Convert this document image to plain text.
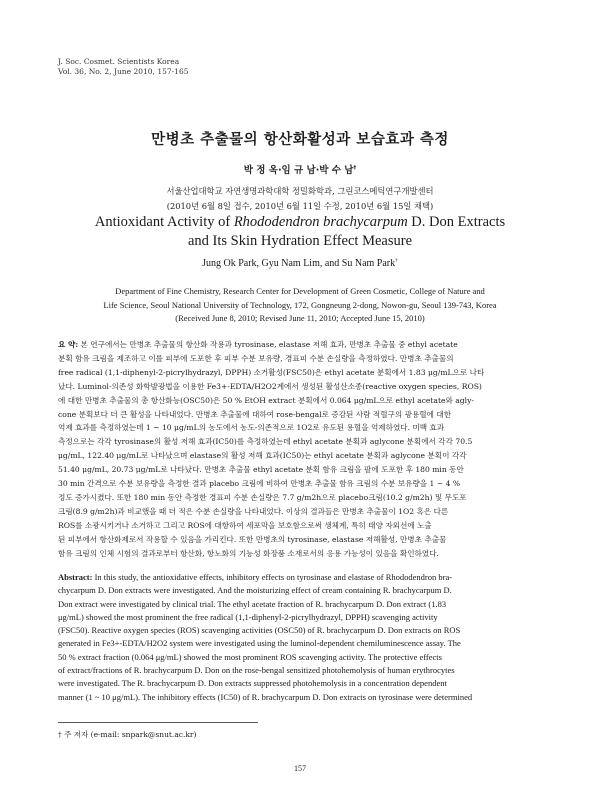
J. Soc. Cosmet. Scientists Korea
Vol. 36, No. 2, June 2010, 157-165
만병초 추출물의 항산화활성과 보습효과 측정
박 정 옥·임 규 남·박 수 남†
서울산업대학교 자연생명과학대학 정밀화학과, 그린코스메틱연구개발센터
(2010년 6월 8일 접수, 2010년 6월 11일 수정, 2010년 6월 15일 채택)
Antioxidant Activity of Rhododendron brachycarpum D. Don Extracts
and Its Skin Hydration Effect Measure
Jung Ok Park, Gyu Nam Lim, and Su Nam Park†
Department of Fine Chemistry, Research Center for Development of Green Cosmetic, College of Nature and
Life Science, Seoul National University of Technology, 172, Gongneung 2-dong, Nowon-gu, Seoul 139-743, Korea
(Received June 8, 2010; Revised June 11, 2010; Accepted June 15, 2010)
요 약: 본 연구에서는 만병초 추출물의 항산화 작용과 tyrosinase, elastase 저해 효과, 만병초 추출물 중 ethyl acetate
분획 함유 크림을 제조하고 이를 피부에 도포한 후 피부 수분 보유량, 경표피 수분 손실량을 측정하였다. 만병초 추출물의
free radical (1,1-diphenyl-2-picrylhydrazyl, DPPH) 소거활성(FSC50)은 ethyl acetate 분획에서 1.83 μg/mL으로 나타
났다. Luminol-의존성 화학발광법을 이용한 Fe3+-EDTA/H2O2계에서 생성된 활성산소종(reactive oxygen species, ROS)
에 대한 만병초 추출물의 총 항산화능(OSC50)은 50 % EtOH extract 분획에서 0.064 μg/mL으로 ethyl acetate와 agly-
cone 분획보다 더 큰 활성을 나타내었다. 만병초 추출물에 대하여 rose-bengal로 증감된 사람 적혈구의 광용혈에 대한
억제 효과를 측정하였는데 1 ~ 10 μg/mL의 농도에서 농도-의존적으로 1O2로 유도된 용혈을 억제하였다. 미백 효과
측정으로는 각각 tyrosinase의 활성 저해 효과(IC50)를 측정하였는데 ethyl acetate 분획과 aglycone 분획에서 각각 70.5
μg/mL, 122.40 μg/mL로 나타났으며 elastase의 활성 저해 효과(IC50)는 ethyl acetate 분획과 aglycone 분획이 각각
51.40 μg/mL, 20.73 μg/mL로 나타났다. 만병초 추출물 ethyl acetate 분획 함유 크림을 팔에 도포한 후 180 min 동안
30 min 간격으로 수분 보유량을 측정한 결과 placebo 크림에 비하여 만병초 추출물 함유 크림의 수분 보유량을 1 ~ 4 %
정도 증가시켰다. 또한 180 min 동안 측정한 경표피 수분 손실량은 7.7 g/m2h으로 placebo크림(10.2 g/m2h) 및 무도포
크림(8.9 g/m2h)과 비교했을 때 더 적은 수분 손실량을 나타내었다. 이상의 결과들은 만병초 추출물이 1O2 혹은 다른
ROS를 소광시키거나 소거하고 그리고 ROS에 대항하여 세포막을 보호함으로써 생체계, 특히 태양 자외선에 노출
된 피부에서 항산화제로서 작용할 수 있음을 가리킨다. 또한 만병초의 tyrosinase, elastase 저해활성, 만병초 추출물
함유 크림의 인체 시험의 결과로부터 항산화, 항노화의 기능성 화장품 소재로서의 응용 가능성이 있음을 확인하였다.
Abstract: In this study, the antioxidative effects, inhibitory effects on tyrosinase and elastase of Rhododendron bra-
chycarpum D. Don extracts were investigated. And the moisturizing effect of cream containing R. brachycarpum D.
Don extract were investigated by clinical trial. The ethyl acetate fraction of R. brachycarpum D. Don extract (1.83
μg/mL) showed the most prominent the free radical (1,1-diphenyl-2-picrylhydrazyl, DPPH) scavenging activity
(FSC50). Reactive oxygen species (ROS) scavenging activities (OSC50) of R. brachycarpum D. Don extracts on ROS
generated in Fe3+-EDTA/H2O2 system were investigated using the luminol-dependent chemiluminescence assay. The
50 % extract fraction (0.064 μg/mL) showed the most prominent ROS scavenging activity. The protective effects
of extract/fractions of R. brachycarpum D. Don on the rose-bengal sensitized photohemolysis of human erythrocytes
were investigated. The R. brachycarpum D. Don extracts suppressed photohemolysis in a concentration dependent
manner (1 ~ 10 μg/mL). The inhibitory effects (IC50) of R. brachycarpum D. Don extracts on tyrosinase were determined
† 주 저자 (e-mail: snpark@snut.ac.kr)
157
